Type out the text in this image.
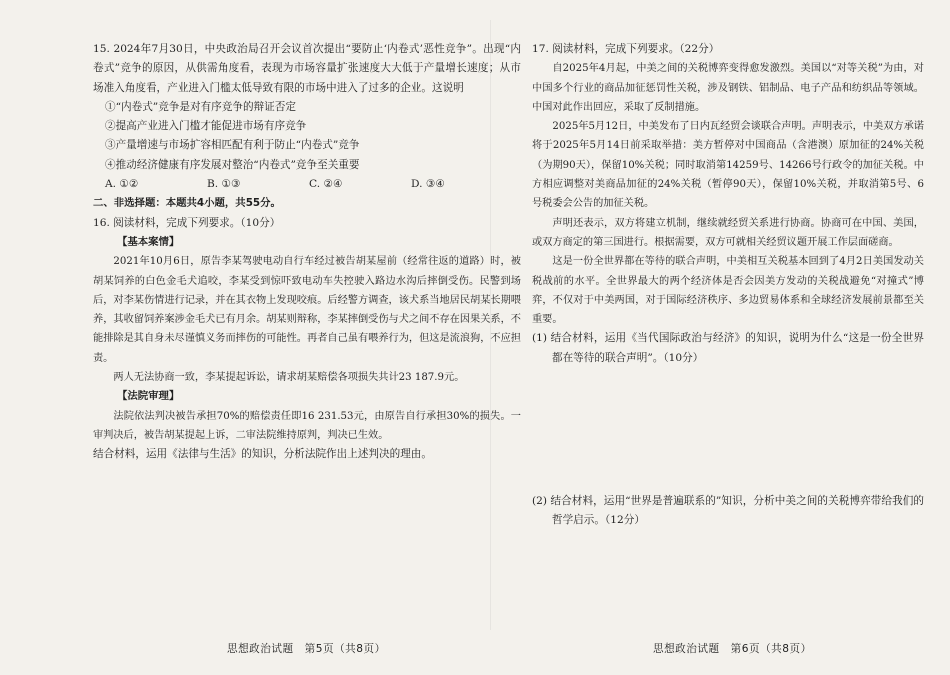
15. 2024年7月30日，中央政治局召开会议首次提出“要防止‘内卷式’恶性竞争”。出现“内卷式”竞争的原因，从供需角度看，表现为市场容量扩张速度大大低于产量增长速度；从市场准入角度看，产业进入门槛太低导致有限的市场中进入了过多的企业。这说明

①“内卷式”竞争是对有序竞争的辩证否定

②提高产业进入门槛才能促进市场有序竞争

③产量增速与市场扩容相匹配有利于防止“内卷式”竞争

④推动经济健康有序发展对整治“内卷式”竞争至关重要

A. ①②	B. ①③	C. ②④	D. ③④

二、非选择题：本题共4小题，共55分。

16. 阅读材料，完成下列要求。（10分）

【基本案情】

2021年10月6日，原告李某驾驶电动自行车经过被告胡某屋前（经常往返的道路）时，被胡某饲养的白色金毛犬追咬，李某受到惊吓致电动车失控驶入路边水沟后摔倒受伤。民警到场后，对李某伤情进行记录，并在其衣物上发现咬痕。后经警方调查，该犬系当地居民胡某长期喂养，其收留饲养案涉金毛犬已有月余。胡某则辩称，李某摔倒受伤与犬之间不存在因果关系，不能排除是其自身未尽谨慎义务而摔伤的可能性。再者自己虽有喂养行为，但这是流浪狗，不应担责。

两人无法协商一致，李某提起诉讼，请求胡某赔偿各项损失共计23 187.9元。

【法院审理】

法院依法判决被告承担70%的赔偿责任即16 231.53元，由原告自行承担30%的损失。一审判决后，被告胡某提起上诉，二审法院维持原判，判决已生效。

结合材料，运用《法律与生活》的知识，分析法院作出上述判决的理由。

思想政治试题　第5页（共8页）

17. 阅读材料，完成下列要求。（22分）

自2025年4月起，中美之间的关税博弈变得愈发激烈。美国以“对等关税”为由，对中国多个行业的商品加征惩罚性关税，涉及钢铁、铝制品、电子产品和纺织品等领域。中国对此作出回应，采取了反制措施。

2025年5月12日，中美发布了日内瓦经贸会谈联合声明。声明表示，中美双方承诺将于2025年5月14日前采取举措：美方暂停对中国商品（含港澳）原加征的24%关税（为期90天），保留10%关税；同时取消第14259号、14266号行政令的加征关税。中方相应调整对美商品加征的24%关税（暂停90天），保留10%关税，并取消第5号、6号税委会公告的加征关税。

声明还表示，双方将建立机制，继续就经贸关系进行协商。协商可在中国、美国，或双方商定的第三国进行。根据需要，双方可就相关经贸议题开展工作层面磋商。

这是一份全世界都在等待的联合声明，中美相互关税基本回到了4月2日美国发动关税战前的水平。全世界最大的两个经济体是否会因美方发动的关税战避免“对撞式”博弈，不仅对于中美两国，对于国际经济秩序、多边贸易体系和全球经济发展前景都至关重要。

(1) 结合材料，运用《当代国际政治与经济》的知识，说明为什么“这是一份全世界都在等待的联合声明”。（10分）

(2) 结合材料，运用“世界是普遍联系的”知识，分析中美之间的关税博弈带给我们的哲学启示。（12分）

思想政治试题　第6页（共8页）
